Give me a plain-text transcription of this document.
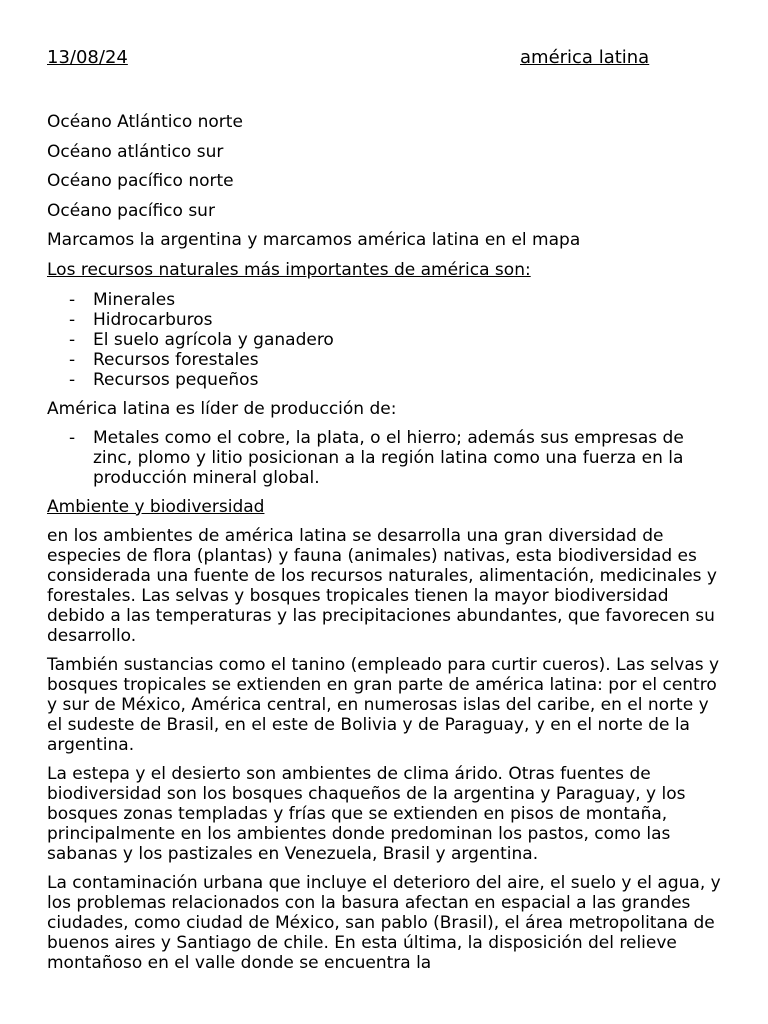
13/08/24	américa latina
Océano Atlántico norte
Océano atlántico sur
Océano pacífico norte
Océano pacífico sur
Marcamos la argentina y marcamos américa latina en el mapa
Los recursos naturales más importantes de américa son:
- Minerales
- Hidrocarburos
- El suelo agrícola y ganadero
- Recursos forestales
- Recursos pequeños

América latina es líder de producción de:

- Metales como el cobre, la plata, o el hierro; además sus empresas de zinc, plomo y litio posicionan a la región latina como una fuerza en la producción mineral global.

Ambiente y biodiversidad

en los ambientes de américa latina se desarrolla una gran diversidad de especies de flora (plantas) y fauna (animales) nativas, esta biodiversidad es considerada una fuente de los recursos naturales, alimentación, medicinales y forestales. Las selvas y bosques tropicales tienen la mayor biodiversidad debido a las temperaturas y las precipitaciones abundantes, que favorecen su desarrollo.

También sustancias como el tanino (empleado para curtir cueros). Las selvas y bosques tropicales se extienden en gran parte de américa latina: por el centro y sur de México, América central, en numerosas islas del caribe, en el norte y el sudeste de Brasil, en el este de Bolivia y de Paraguay, y en el norte de la argentina.

La estepa y el desierto son ambientes de clima árido. Otras fuentes de biodiversidad son los bosques chaqueños de la argentina y Paraguay, y los bosques zonas templadas y frías que se extienden en pisos de montaña, principalmente en los ambientes donde predominan los pastos, como las sabanas y los pastizales en Venezuela, Brasil y argentina.

La contaminación urbana que incluye el deterioro del aire, el suelo y el agua, y los problemas relacionados con la basura afectan en espacial a las grandes ciudades, como ciudad de México, san pablo (Brasil), el área metropolitana de buenos aires y Santiago de chile. En esta última, la disposición del relieve montañoso en el valle donde se encuentra la
